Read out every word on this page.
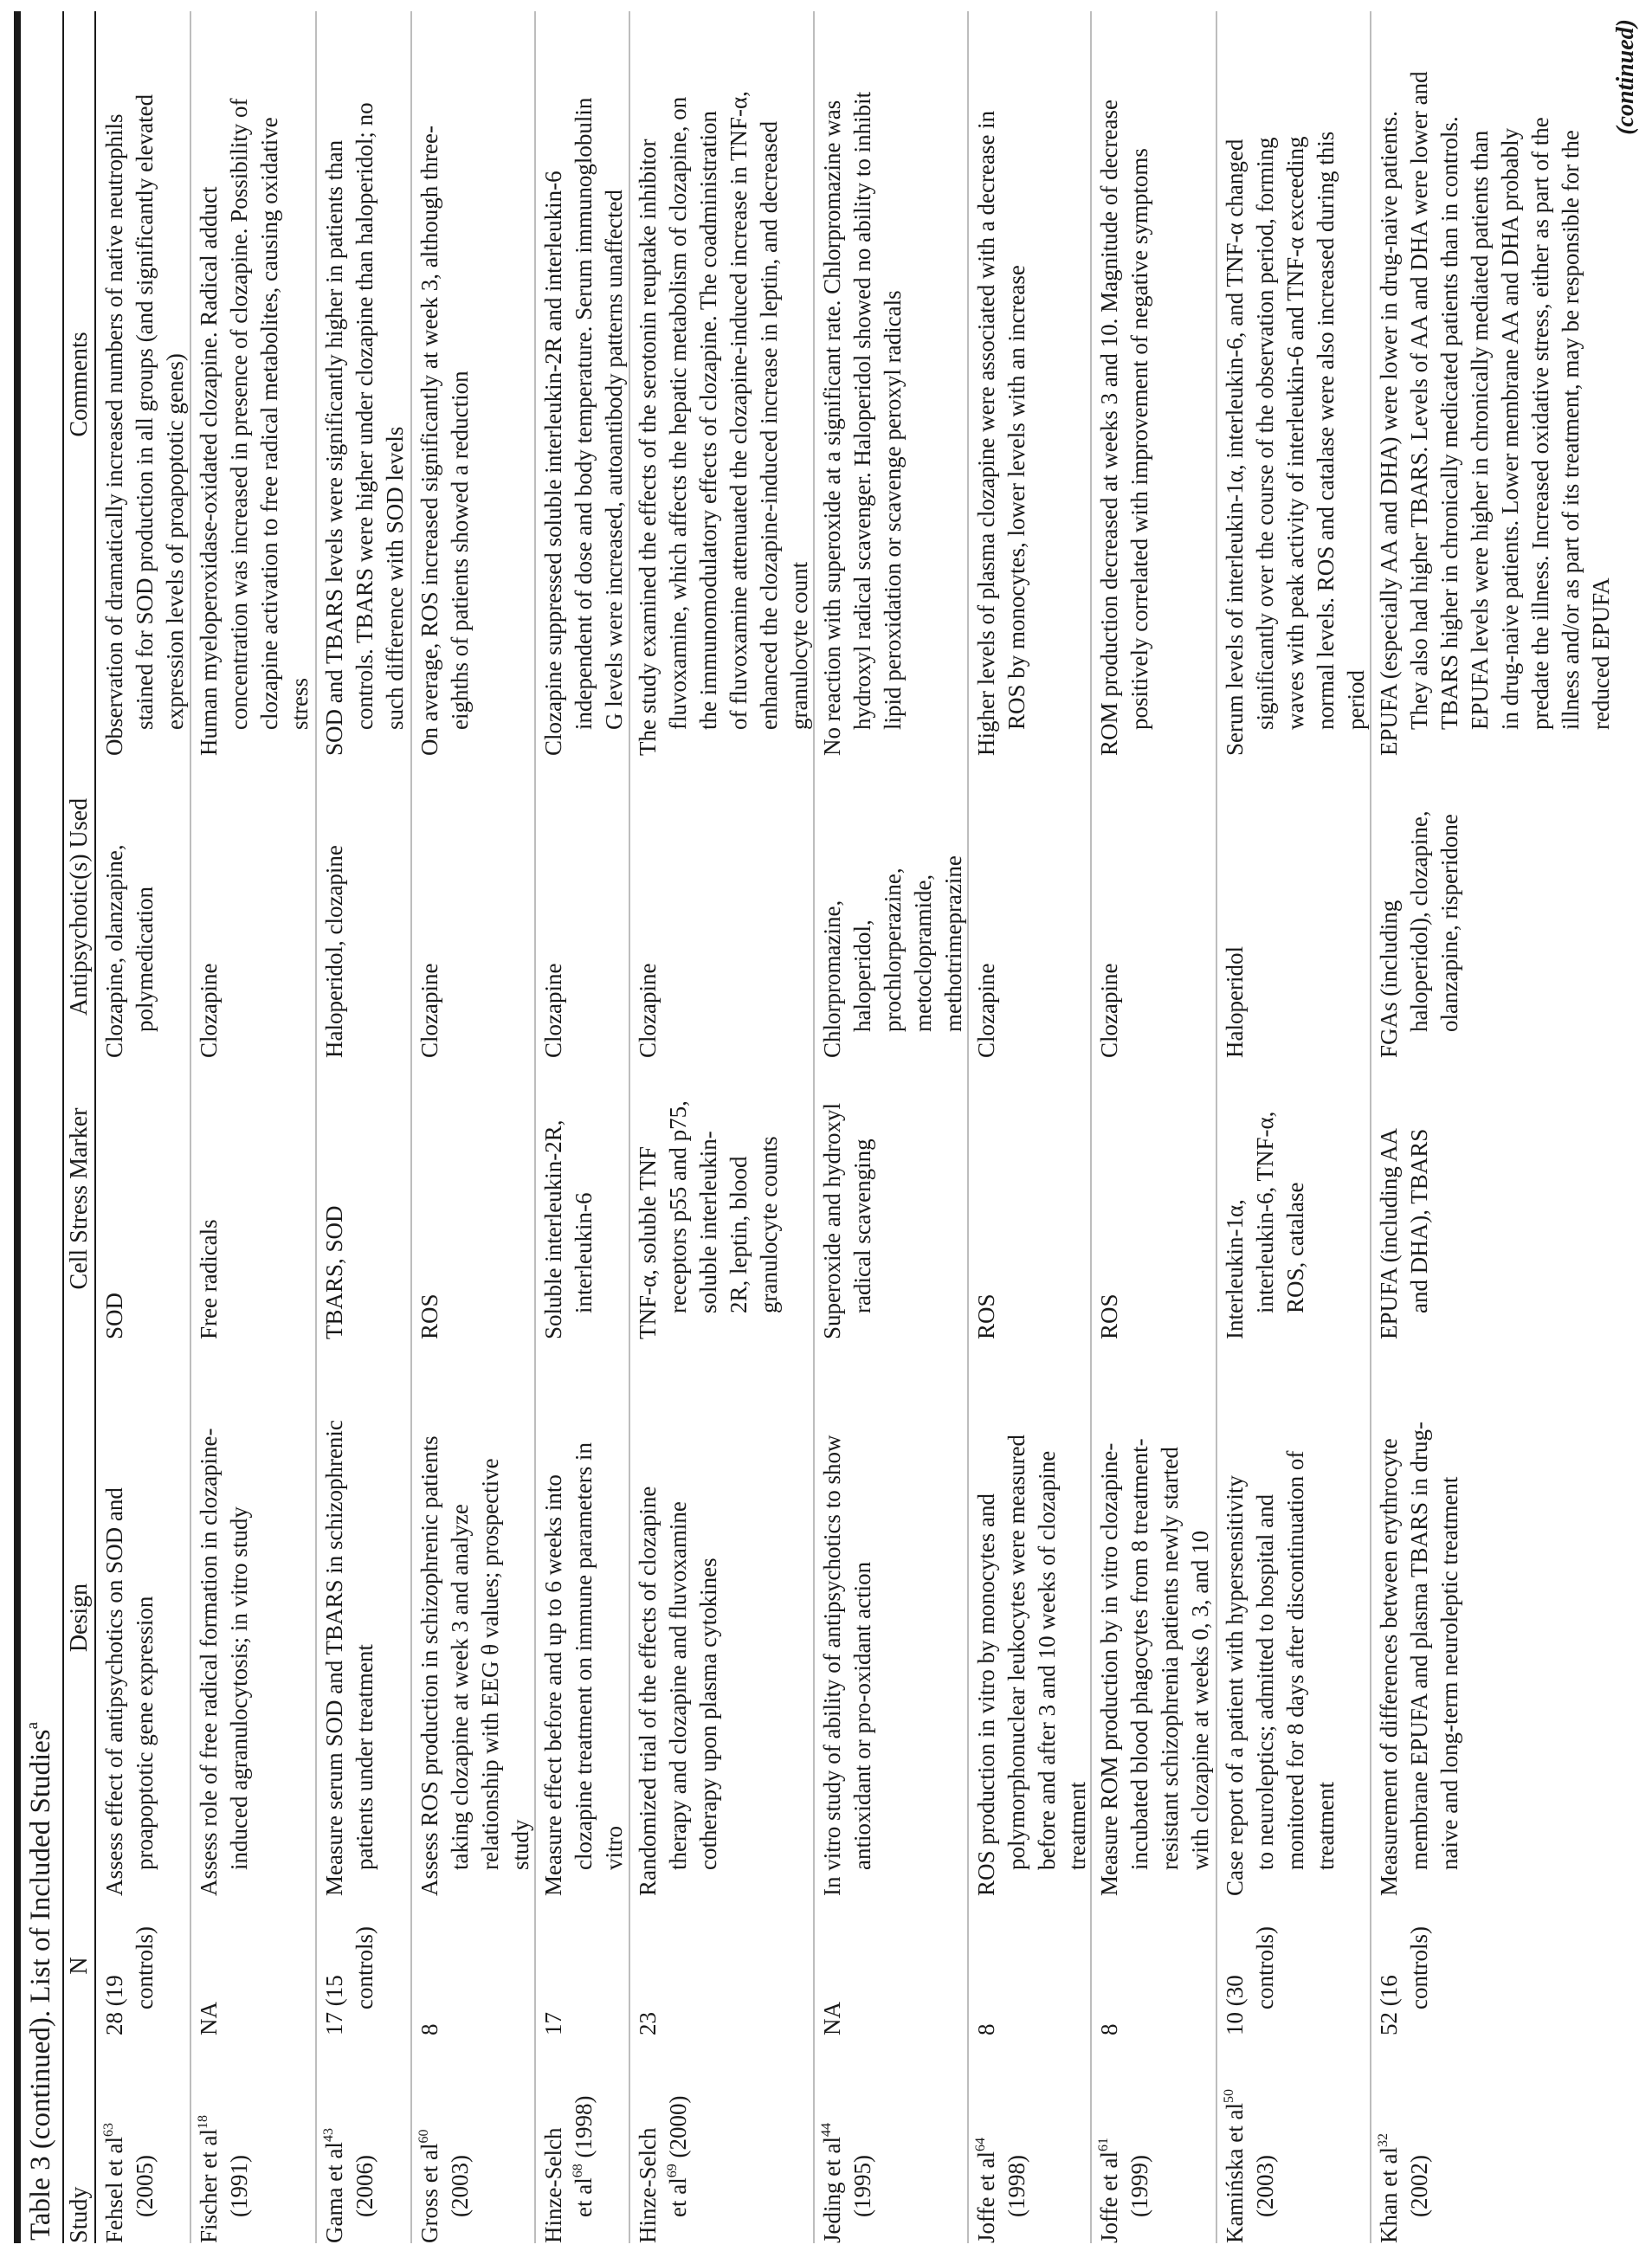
Table 3 (continued). List of Included Studies$^a$
Study
N
Design
Cell Stress Marker
Antipsychotic(s) Used
Comments
Fehsel et $al^{63}$
(2005)
28 (19 controls)
Assess effect of antipsychotics on SOD and proapoptotic gene expression
SOD
Clozapine, olanzapine, polymedication
Observation of dramatically increased numbers of native neutrophils stained for SOD production in all groups (and significantly elevated expression levels of proapoptotic genes)
Fischer et $al^{18}$
(1991)
NA
Assess role of free radical formation in clozapine- induced agranulocytosis; in vitro study
Free radicals
Clozapine
Human myeloperoxidase-oxidated clozapine. Radical adduct concentration was increased in presence of clozapine. Possibility of clozapine activation to free radical metabolites, causing oxidative stress
Gama et $al^{43}$
(2006)
17 (15 controls)
Measure serum SOD and TBARS in schizophrenic patients under treatment
TBARS, SOD
Haloperidol, clozapine
SOD and TBARS levels were significantly higher in patients than controls. TBARS were higher under clozapine than haloperidol; no such difference with SOD levels
Gross et $al^{60}$
(2003)
8
Assess ROS production in schizophrenic patients taking clozapine at week 3 and analyze relationship with EEG θ values; prospective study
ROS
Clozapine
On average, ROS increased significantly at week 3, although three- eighths of patients showed a reduction
Hinze-Selch et $al^{68}$ (1998)
17
Measure effect before and up to 6 weeks into clozapine treatment on immune parameters in vitro
Soluble interleukin-2R, interleukin-6
Clozapine
Clozapine suppressed soluble interleukin-2R and interleukin-6 independent of dose and body temperature. Serum immunoglobulin G levels were increased, autoantibody patterns unaffected
Hinze-Selch et $al^{69}$ (2000)
23
Randomized trial of the effects of clozapine therapy and clozapine and fluvoxamine cotherapy upon plasma cytokines
TNF-α, soluble TNF receptors p55 and p75, soluble interleukin- 2R, leptin, blood granulocyte counts
Clozapine
The study examined the effects of the serotonin reuptake inhibitor fluvoxamine, which affects the hepatic metabolism of clozapine, on the immunomodulatory effects of clozapine. The coadministration of fluvoxamine attenuated the clozapine-induced increase in TNF-α, enhanced the clozapine-induced increase in leptin, and decreased granulocyte count
Jeding et $al^{44}$
(1995)
NA
In vitro study of ability of antipsychotics to show antioxidant or pro-oxidant action
Superoxide and hydroxyl radical scavenging
Chlorpromazine, haloperidol, prochlorperazine, metoclopramide, methotrimeprazine
No reaction with superoxide at a significant rate. Chlorpromazine was hydroxyl radical scavenger. Haloperidol showed no ability to inhibit lipid peroxidation or scavenge peroxyl radicals
Joffe et $al^{64}$
(1998)
8
ROS production in vitro by monocytes and polymorphonuclear leukocytes were measured before and after 3 and 10 weeks of clozapine treatment
ROS
Clozapine
Higher levels of plasma clozapine were associated with a decrease in ROS by monocytes, lower levels with an increase
Joffe et $al^{61}$
(1999)
8
Measure ROM production by in vitro clozapine- incubated blood phagocytes from 8 treatment- resistant schizophrenia patients newly started with clozapine at weeks 0, 3, and 10
ROS
Clozapine
ROM production decreased at weeks 3 and 10. Magnitude of decrease positively correlated with improvement of negative symptoms
Kamińska et $al^{50}$
(2003)
10 (30 controls)
Case report of a patient with hypersensitivity to neuroleptics; admitted to hospital and monitored for 8 days after discontinuation of treatment
Interleukin-1α, interleukin-6, TNF-α, ROS, catalase
Haloperidol
Serum levels of interleukin-1α, interleukin-6, and TNF-α changed significantly over the course of the observation period, forming waves with peak activity of interleukin-6 and TNF-α exceeding normal levels. ROS and catalase were also increased during this period
Khan et $al^{32}$
(2002)
52 (16 controls)
Measurement of differences between erythrocyte membrane EPUFA and plasma TBARS in drug- naive and long-term neuroleptic treatment
EPUFA (including AA and DHA), TBARS
FGAs (including haloperidol), clozapine, olanzapine, risperidone
EPUFA (especially AA and DHA) were lower in drug-naive patients. They also had higher TBARS. Levels of AA and DHA were lower and TBARS higher in chronically medicated patients than in controls. EPUFA levels were higher in chronically mediated patients than in drug-naive patients. Lower membrane AA and DHA probably predate the illness. Increased oxidative stress, either as part of the illness and/or as part of its treatment, may be responsible for the reduced EPUFA
(continued)
